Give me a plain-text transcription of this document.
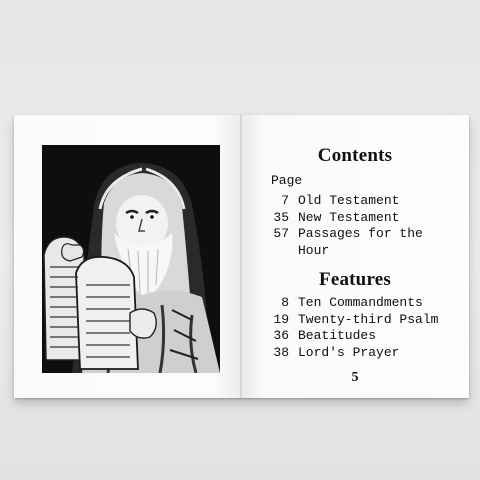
Contents
Page
7 Old Testament
35 New Testament
57 Passages for the Hour
Features
8 Ten Commandments
19 Twenty-third Psalm
36 Beatitudes
38 Lord's Prayer
5
